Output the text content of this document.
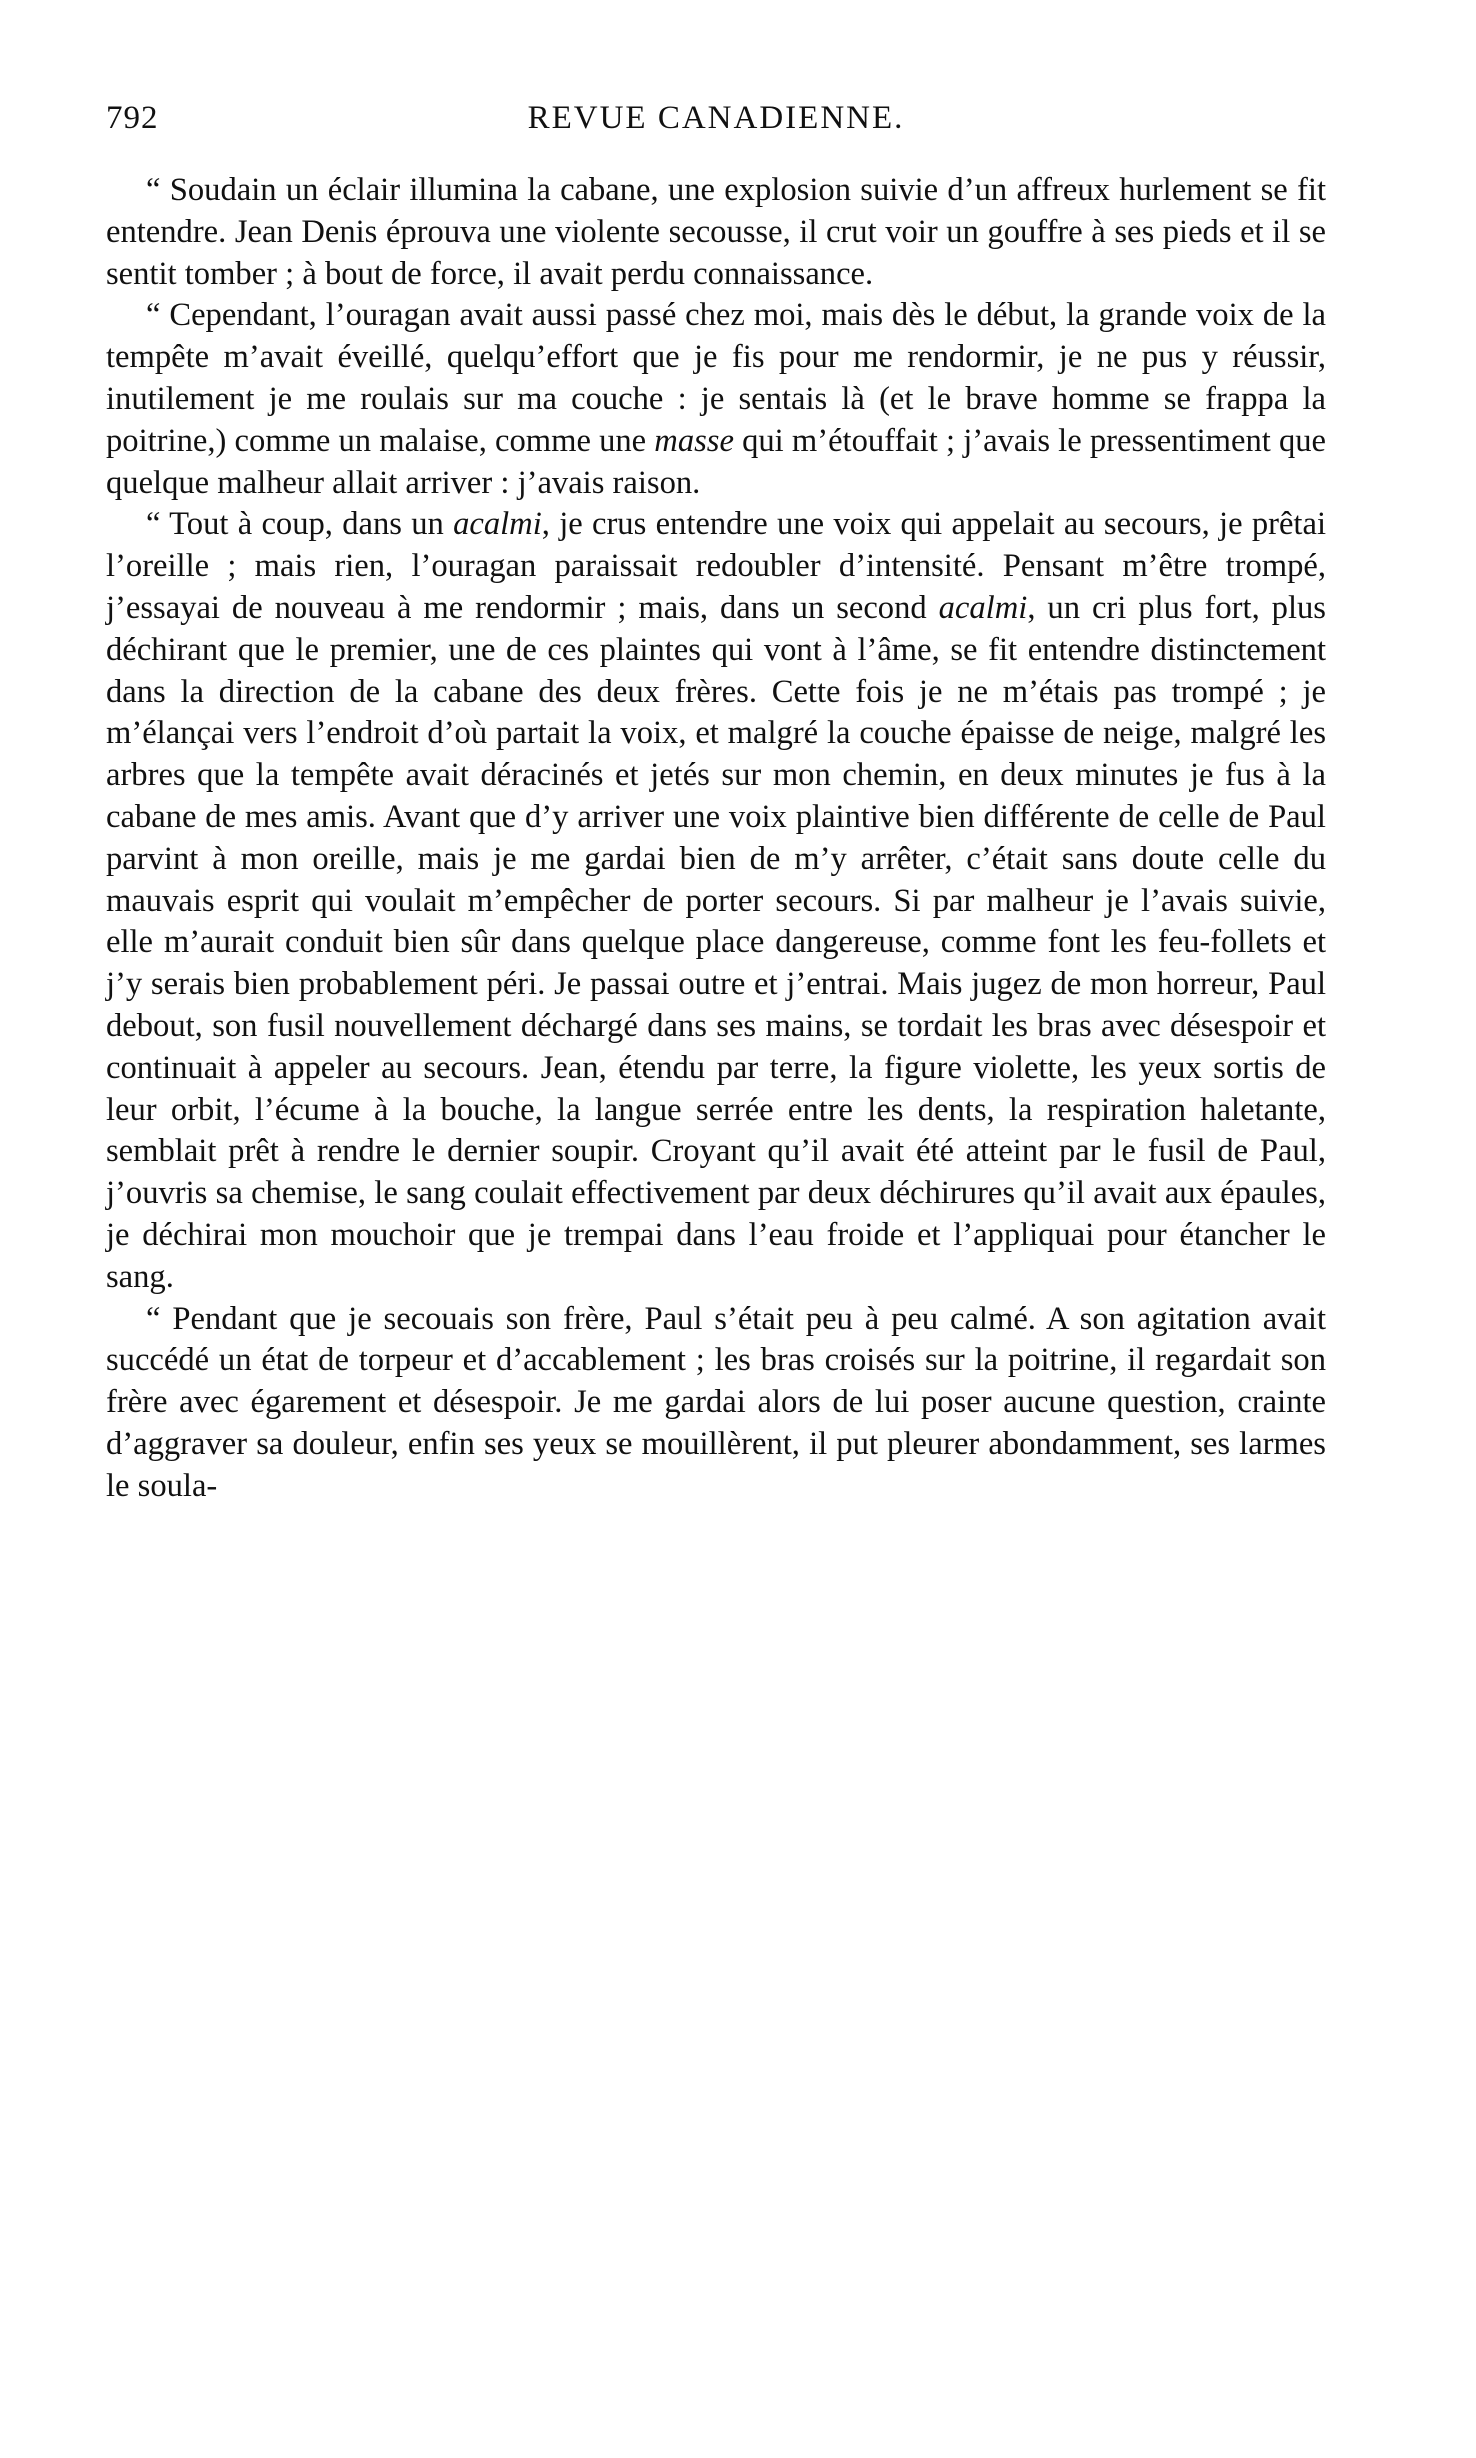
792	REVUE CANADIENNE.

“ Soudain un éclair illumina la cabane, une explosion suivie d’un affreux hurlement se fit entendre. Jean Denis éprouva une violente secousse, il crut voir un gouffre à ses pieds et il se sentit tomber ; à bout de force, il avait perdu connaissance.

“ Cependant, l’ouragan avait aussi passé chez moi, mais dès le début, la grande voix de la tempête m’avait éveillé, quelqu’effort que je fis pour me rendormir, je ne pus y réussir, inutilement je me roulais sur ma couche : je sentais là (et le brave homme se frappa la poitrine,) comme un malaise, comme une masse qui m’étouffait ; j’avais le pressentiment que quelque malheur allait arriver : j’avais raison.

“ Tout à coup, dans un acalmi, je crus entendre une voix qui appelait au secours, je prêtai l’oreille ; mais rien, l’ouragan paraissait redoubler d’intensité. Pensant m’être trompé, j’essayai de nouveau à me rendormir ; mais, dans un second acalmi, un cri plus fort, plus déchirant que le premier, une de ces plaintes qui vont à l’âme, se fit entendre distinctement dans la direction de la cabane des deux frères. Cette fois je ne m’étais pas trompé ; je m’élançai vers l’endroit d’où partait la voix, et malgré la couche épaisse de neige, malgré les arbres que la tempête avait déracinés et jetés sur mon chemin, en deux minutes je fus à la cabane de mes amis. Avant que d’y arriver une voix plaintive bien différente de celle de Paul parvint à mon oreille, mais je me gardai bien de m’y arrêter, c’était sans doute celle du mauvais esprit qui voulait m’empêcher de porter secours. Si par malheur je l’avais suivie, elle m’aurait conduit bien sûr dans quelque place dangereuse, comme font les feu-follets et j’y serais bien probablement péri. Je passai outre et j’entrai. Mais jugez de mon horreur, Paul debout, son fusil nouvellement déchargé dans ses mains, se tordait les bras avec désespoir et continuait à appeler au secours. Jean, étendu par terre, la figure violette, les yeux sortis de leur orbit, l’écume à la bouche, la langue serrée entre les dents, la respiration haletante, semblait prêt à rendre le dernier soupir. Croyant qu’il avait été atteint par le fusil de Paul, j’ouvris sa chemise, le sang coulait effectivement par deux déchirures qu’il avait aux épaules, je déchirai mon mouchoir que je trempai dans l’eau froide et l’appliquai pour étancher le sang.

“ Pendant que je secouais son frère, Paul s’était peu à peu calmé. A son agitation avait succédé un état de torpeur et d’accablement ; les bras croisés sur la poitrine, il regardait son frère avec égarement et désespoir. Je me gardai alors de lui poser aucune question, crainte d’aggraver sa douleur, enfin ses yeux se mouillèrent, il put pleurer abondamment, ses larmes le soula-
